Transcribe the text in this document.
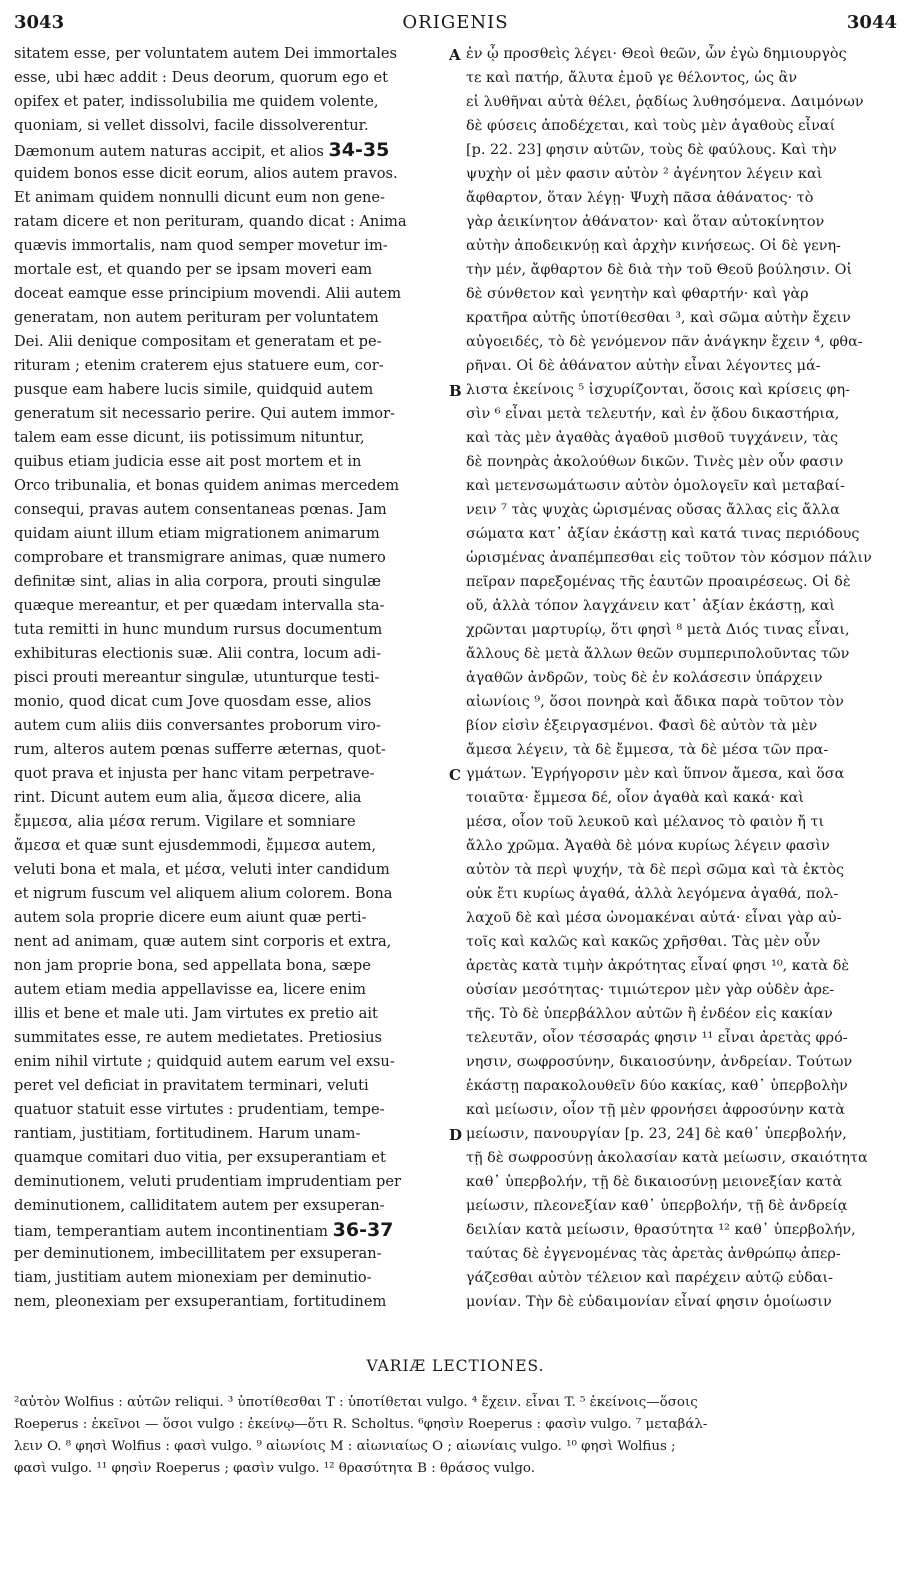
3043	ORIGENIS	3044
sitatem esse, per voluntatem autem Dei immortales
esse, ubi hæc addit : Deus deorum, quorum ego et
opifex et pater, indissolubilia me quidem volente,
quoniam, si vellet dissolvi, facile dissolverentur.
Dæmonum autem naturas accipit, et alios 34-35
quidem bonos esse dicit eorum, alios autem pravos.
Et animam quidem nonnulli dicunt eum non gene-
ratam dicere et non perituram, quando dicat : Anima
quævis immortalis, nam quod semper movetur im-
mortale est, et quando per se ipsam moveri eam
doceat eamque esse principium movendi. Alii autem
generatam, non autem perituram per voluntatem
Dei. Alii denique compositam et generatam et pe-
rituram ; etenim craterem ejus statuere eum, cor-
pusque eam habere lucis simile, quidquid autem
generatum sit necessario perire. Qui autem immor-
talem eam esse dicunt, iis potissimum nituntur,
quibus etiam judicia esse ait post mortem et in
Orco tribunalia, et bonas quidem animas mercedem
consequi, pravas autem consentaneas pœnas. Jam
quidam aiunt illum etiam migrationem animarum
comprobare et transmigrare animas, quæ numero
definitæ sint, alias in alia corpora, prouti singulæ
quæque mereantur, et per quædam intervalla sta-
tuta remitti in hunc mundum rursus documentum
exhibituras electionis suæ. Alii contra, locum adi-
pisci prouti mereantur singulæ, utunturque testi-
monio, quod dicat cum Jove quosdam esse, alios
autem cum aliis diis conversantes proborum viro-
rum, alteros autem pœnas sufferre æternas, quot-
quot prava et injusta per hanc vitam perpetrave-
rint. Dicunt autem eum alia, ἄμεσα dicere, alia
ἔμμεσα, alia μέσα rerum. Vigilare et somniare
ἄμεσα et quæ sunt ejusdemmodi, ἔμμεσα autem,
veluti bona et mala, et μέσα, veluti inter candidum
et nigrum fuscum vel aliquem alium colorem. Bona
autem sola proprie dicere eum aiunt quæ perti-
nent ad animam, quæ autem sint corporis et extra,
non jam proprie bona, sed appellata bona, sæpe
autem etiam media appellavisse ea, licere enim
illis et bene et male uti. Jam virtutes ex pretio ait
summitates esse, re autem medietates. Pretiosius
enim nihil virtute ; quidquid autem earum vel exsu-
peret vel deficiat in pravitatem terminari, veluti
quatuor statuit esse virtutes : prudentiam, tempe-
rantiam, justitiam, fortitudinem. Harum unam-
quamque comitari duo vitia, per exsuperantiam et
deminutionem, veluti prudentiam imprudentiam per
deminutionem, calliditatem autem per exsuperan-
tiam, temperantiam autem incontinentiam 36-37
per deminutionem, imbecillitatem per exsuperan-
tiam, justitiam autem mionexiam per deminutio-
nem, pleonexiam per exsuperantiam, fortitudinem
A
B
C
D
ἐν ᾧ προσθεὶς λέγει· Θεοὶ θεῶν, ὧν ἐγὼ δημιουργὸς
τε καὶ πατήρ, ἄλυτα ἐμοῦ γε θέλοντος, ὡς ἂν
εἰ λυθῆναι αὐτὰ θέλει, ῥᾳδίως λυθησόμενα. Δαιμόνων
δὲ φύσεις ἀποδέχεται, καὶ τοὺς μὲν ἀγαθοὺς εἶναί
[p. 22. 23] φησιν αὐτῶν, τοὺς δὲ φαύλους. Καὶ τὴν
ψυχὴν οἱ μὲν φασιν αὐτὸν ² ἀγένητον λέγειν καὶ
ἄφθαρτον, ὅταν λέγῃ· Ψυχὴ πᾶσα ἀθάνατος· τὸ
γὰρ ἀεικίνητον ἀθάνατον· καὶ ὅταν αὐτοκίνητον
αὐτὴν ἀποδεικνύῃ καὶ ἀρχὴν κινήσεως. Οἱ δὲ γενη-
τὴν μέν, ἄφθαρτον δὲ διὰ τὴν τοῦ Θεοῦ βούλησιν. Οἱ
δὲ σύνθετον καὶ γενητὴν καὶ φθαρτήν· καὶ γὰρ
κρατῆρα αὐτῆς ὑποτίθεσθαι ³, καὶ σῶμα αὐτὴν ἔχειν
αὐγοειδές, τὸ δὲ γενόμενον πᾶν ἀνάγκην ἔχειν ⁴, φθα-
ρῆναι. Οἱ δὲ ἀθάνατον αὐτὴν εἶναι λέγοντες μά-
λιστα ἐκείνοις ⁵ ἰσχυρίζονται, ὅσοις καὶ κρίσεις φη-
σὶν ⁶ εἶναι μετὰ τελευτήν, καὶ ἐν ᾅδου δικαστήρια,
καὶ τὰς μὲν ἀγαθὰς ἀγαθοῦ μισθοῦ τυγχάνειν, τὰς
δὲ πονηρὰς ἀκολούθων δικῶν. Τινὲς μὲν οὖν φασιν
καὶ μετενσωμάτωσιν αὐτὸν ὁμολογεῖν καὶ μεταβαί-
νειν ⁷ τὰς ψυχὰς ὡρισμένας οὔσας ἄλλας εἰς ἄλλα
σώματα κατ᾽ ἀξίαν ἑκάστῃ καὶ κατά τινας περιόδους
ὡρισμένας ἀναπέμπεσθαι εἰς τοῦτον τὸν κόσμον πάλιν
πεῖραν παρεξομένας τῆς ἑαυτῶν προαιρέσεως. Οἱ δὲ
οὔ, ἀλλὰ τόπον λαγχάνειν κατ᾽ ἀξίαν ἑκάστῃ, καὶ
χρῶνται μαρτυρίῳ, ὅτι φησὶ ⁸ μετὰ Διός τινας εἶναι,
ἄλλους δὲ μετὰ ἄλλων θεῶν συμπεριπολοῦντας τῶν
ἀγαθῶν ἀνδρῶν, τοὺς δὲ ἐν κολάσεσιν ὑπάρχειν
αἰωνίοις ⁹, ὅσοι πονηρὰ καὶ ἄδικα παρὰ τοῦτον τὸν
βίον εἰσὶν ἐξειργασμένοι. Φασὶ δὲ αὐτὸν τὰ μὲν
ἄμεσα λέγειν, τὰ δὲ ἔμμεσα, τὰ δὲ μέσα τῶν πρα-
γμάτων. Ἐγρήγορσιν μὲν καὶ ὕπνον ἄμεσα, καὶ ὅσα
τοιαῦτα· ἔμμεσα δέ, οἷον ἀγαθὰ καὶ κακά· καὶ
μέσα, οἷον τοῦ λευκοῦ καὶ μέλανος τὸ φαιὸν ἤ τι
ἄλλο χρῶμα. Ἀγαθὰ δὲ μόνα κυρίως λέγειν φασὶν
αὐτὸν τὰ περὶ ψυχήν, τὰ δὲ περὶ σῶμα καὶ τὰ ἐκτὸς
οὐκ ἔτι κυρίως ἀγαθά, ἀλλὰ λεγόμενα ἀγαθά, πολ-
λαχοῦ δὲ καὶ μέσα ὠνομακέναι αὐτά· εἶναι γὰρ αὐ-
τοῖς καὶ καλῶς καὶ κακῶς χρῆσθαι. Τὰς μὲν οὖν
ἀρετὰς κατὰ τιμὴν ἀκρότητας εἶναί φησι ¹⁰, κατὰ δὲ
οὐσίαν μεσότητας· τιμιώτερον μὲν γὰρ οὐδὲν ἀρε-
τῆς. Τὸ δὲ ὑπερβάλλον αὐτῶν ἢ ἐνδέον εἰς κακίαν
τελευτᾶν, οἷον τέσσαράς φησιν ¹¹ εἶναι ἀρετὰς φρό-
νησιν, σωφροσύνην, δικαιοσύνην, ἀνδρείαν. Τούτων
ἑκάστῃ παρακολουθεῖν δύο κακίας, καθ᾽ ὑπερβολὴν
καὶ μείωσιν, οἷον τῇ μὲν φρονήσει ἀφροσύνην κατὰ
μείωσιν, πανουργίαν [p. 23, 24] δὲ καθ᾽ ὑπερβολήν,
τῇ δὲ σωφροσύνῃ ἀκολασίαν κατὰ μείωσιν, σκαιότητα
καθ᾽ ὑπερβολήν, τῇ δὲ δικαιοσύνῃ μειονεξίαν κατὰ
μείωσιν, πλεονεξίαν καθ᾽ ὑπερβολήν, τῇ δὲ ἀνδρείᾳ
δειλίαν κατὰ μείωσιν, θρασύτητα ¹² καθ᾽ ὑπερβολήν,
ταύτας δὲ ἐγγενομένας τὰς ἀρετὰς ἀνθρώπῳ ἀπερ-
γάζεσθαι αὐτὸν τέλειον καὶ παρέχειν αὐτῷ εὐδαι-
μονίαν. Τὴν δὲ εὐδαιμονίαν εἶναί φησιν ὁμοίωσιν
VARIÆ LECTIONES.
²αὐτὸν Wolfius : αὐτῶν reliqui. ³ ὑποτίθεσθαι T : ὑποτίθεται vulgo. ⁴ ἔχειν. εἶναι T. ⁵ ἐκείνοις—ὅσοις
Roeperus : ἐκεῖνοι — ὅσοι vulgo : ἐκείνῳ—ὅτι R. Scholtus. ⁶φησὶν Roeperus : φασὶν vulgo. ⁷ μεταβάλ-
λειν O. ⁸ φησὶ Wolfius : φασὶ vulgo. ⁹ αἰωνίοις M : αἰωνιαίως O ; αἰωνίαις vulgo. ¹⁰ φησὶ Wolfius ;
φασὶ vulgo. ¹¹ φησὶν Roeperus ; φασὶν vulgo. ¹² θρασύτητα B : θράσος vulgo.
